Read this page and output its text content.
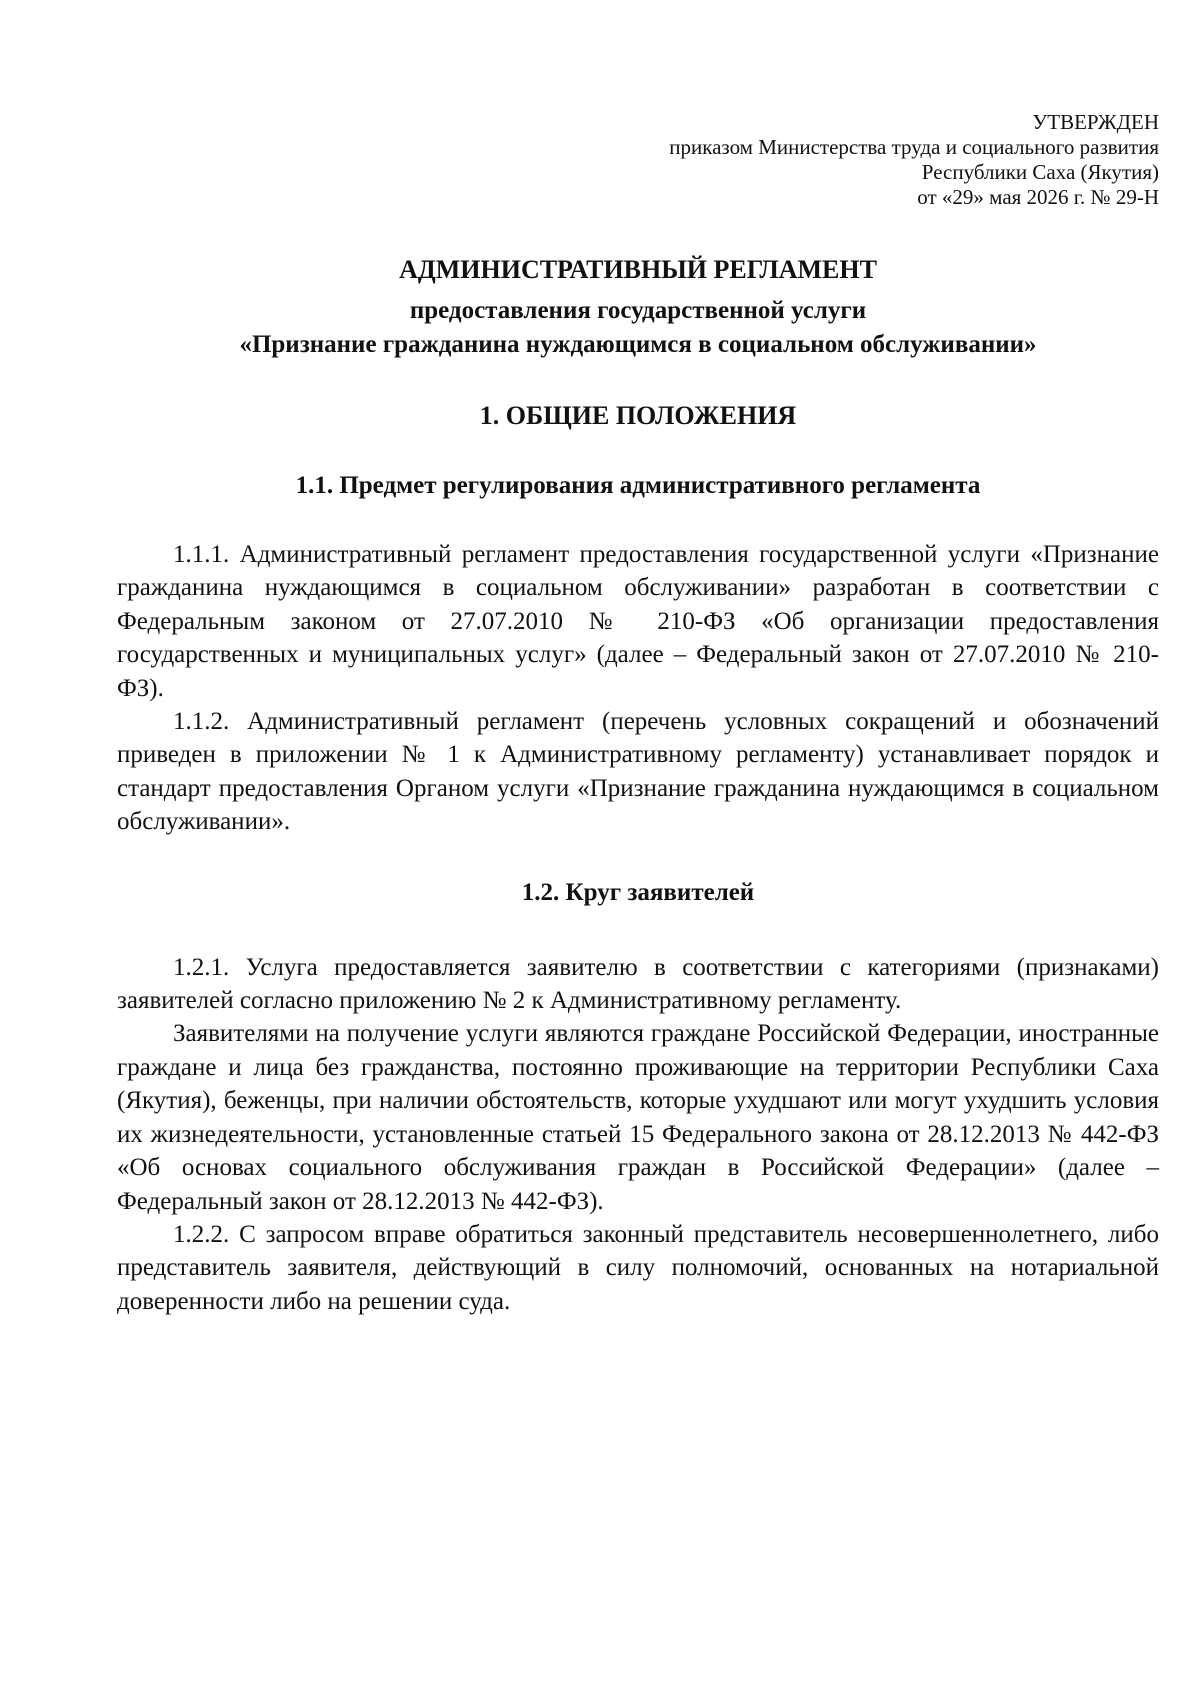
УТВЕРЖДЕН
приказом Министерства труда и социального развития
Республики Саха (Якутия)
от «29» мая 2026 г. № 29-Н
АДМИНИСТРАТИВНЫЙ РЕГЛАМЕНТ
предоставления государственной услуги
«Признание гражданина нуждающимся в социальном обслуживании»
1. ОБЩИЕ ПОЛОЖЕНИЯ
1.1. Предмет регулирования административного регламента

1.1.1. Административный регламент предоставления государственной услуги «Признание гражданина нуждающимся в социальном обслуживании» разработан в соответствии с Федеральным законом от 27.07.2010 № 210-ФЗ «Об организации предоставления государственных и муниципальных услуг» (далее – Федеральный закон от 27.07.2010 № 210-ФЗ).

1.1.2. Административный регламент (перечень условных сокращений и обозначений приведен в приложении № 1 к Административному регламенту) устанавливает порядок и стандарт предоставления Органом услуги «Признание гражданина нуждающимся в социальном обслуживании».

1.2. Круг заявителей

1.2.1. Услуга предоставляется заявителю в соответствии с категориями (признаками) заявителей согласно приложению № 2 к Административному регламенту.

Заявителями на получение услуги являются граждане Российской Федерации, иностранные граждане и лица без гражданства, постоянно проживающие на территории Республики Саха (Якутия), беженцы, при наличии обстоятельств, которые ухудшают или могут ухудшить условия их жизнедеятельности, установленные статьей 15 Федерального закона от 28.12.2013 № 442-ФЗ «Об основах социального обслуживания граждан в Российской Федерации» (далее – Федеральный закон от 28.12.2013 № 442-ФЗ).

1.2.2. С запросом вправе обратиться законный представитель несовершеннолетнего, либо представитель заявителя, действующий в силу полномочий, основанных на нотариальной доверенности либо на решении суда.
